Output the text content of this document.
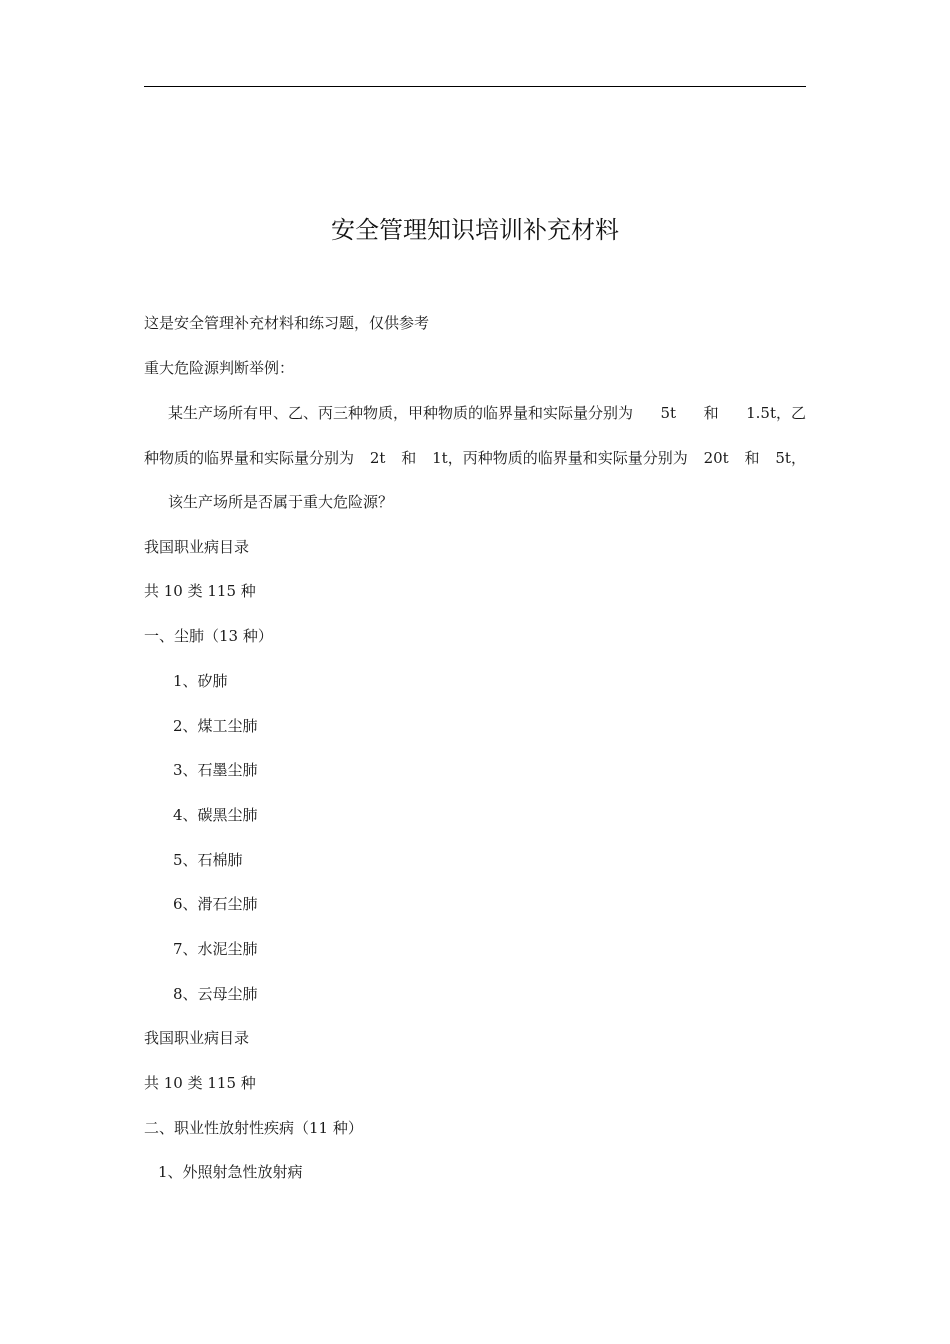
安全管理知识培训补充材料

这是安全管理补充材料和练习题，仅供参考

重大危险源判断举例：

某生产场所有甲、乙、丙三种物质，甲种物质的临界量和实际量分别为 5t 和 1.5t，乙

种物质的临界量和实际量分别为 2t 和 1t，丙种物质的临界量和实际量分别为 20t 和 5t，

该生产场所是否属于重大危险源？

我国职业病目录

共 10 类 115 种

一、尘肺（13 种）

1、矽肺

2、煤工尘肺

3、石墨尘肺

4、碳黑尘肺

5、石棉肺

6、滑石尘肺

7、水泥尘肺

8、云母尘肺

我国职业病目录

共 10 类 115 种

二、职业性放射性疾病（11 种）

1、外照射急性放射病
